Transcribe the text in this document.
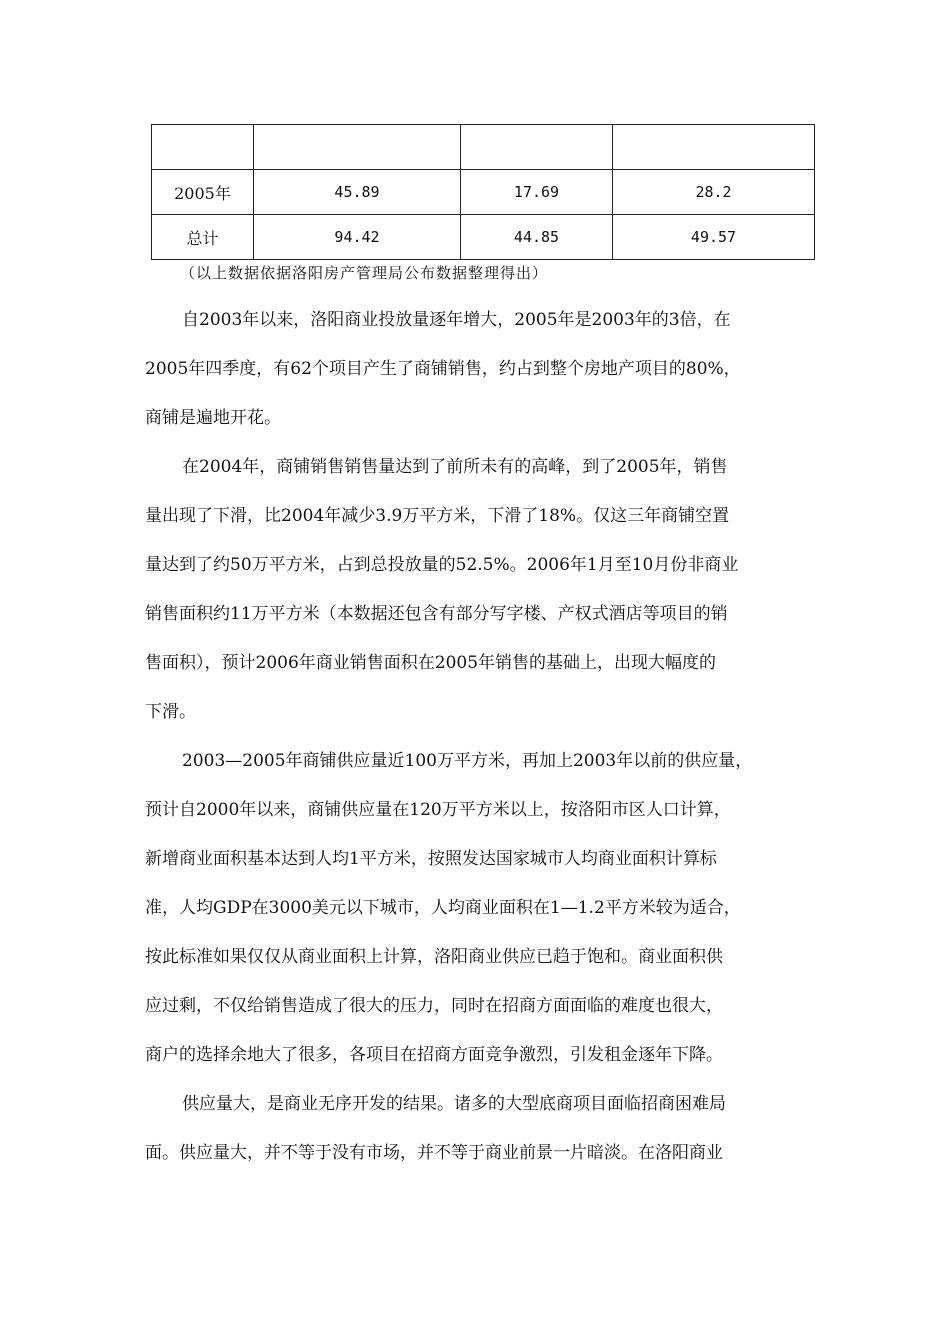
2005年	45.89	17.69	28.2
总计	94.42	44.85	49.57

（以上数据依据洛阳房产管理局公布数据整理得出）

自2003年以来，洛阳商业投放量逐年增大，2005年是2003年的3倍，在

2005年四季度，有62个项目产生了商铺销售，约占到整个房地产项目的80%，

商铺是遍地开花。

在2004年，商铺销售销售量达到了前所未有的高峰，到了2005年，销售

量出现了下滑，比2004年减少3.9万平方米，下滑了18%。仅这三年商铺空置

量达到了约50万平方米，占到总投放量的52.5%。2006年1月至10月份非商业

销售面积约11万平方米（本数据还包含有部分写字楼、产权式酒店等项目的销

售面积），预计2006年商业销售面积在2005年销售的基础上，出现大幅度的

下滑。

2003—2005年商铺供应量近100万平方米，再加上2003年以前的供应量，

预计自2000年以来，商铺供应量在120万平方米以上，按洛阳市区人口计算，

新增商业面积基本达到人均1平方米，按照发达国家城市人均商业面积计算标

准，人均GDP在3000美元以下城市，人均商业面积在1—1.2平方米较为适合，

按此标准如果仅仅从商业面积上计算，洛阳商业供应已趋于饱和。商业面积供

应过剩，不仅给销售造成了很大的压力，同时在招商方面面临的难度也很大，

商户的选择余地大了很多，各项目在招商方面竞争激烈，引发租金逐年下降。

供应量大，是商业无序开发的结果。诸多的大型底商项目面临招商困难局

面。供应量大，并不等于没有市场，并不等于商业前景一片暗淡。在洛阳商业
